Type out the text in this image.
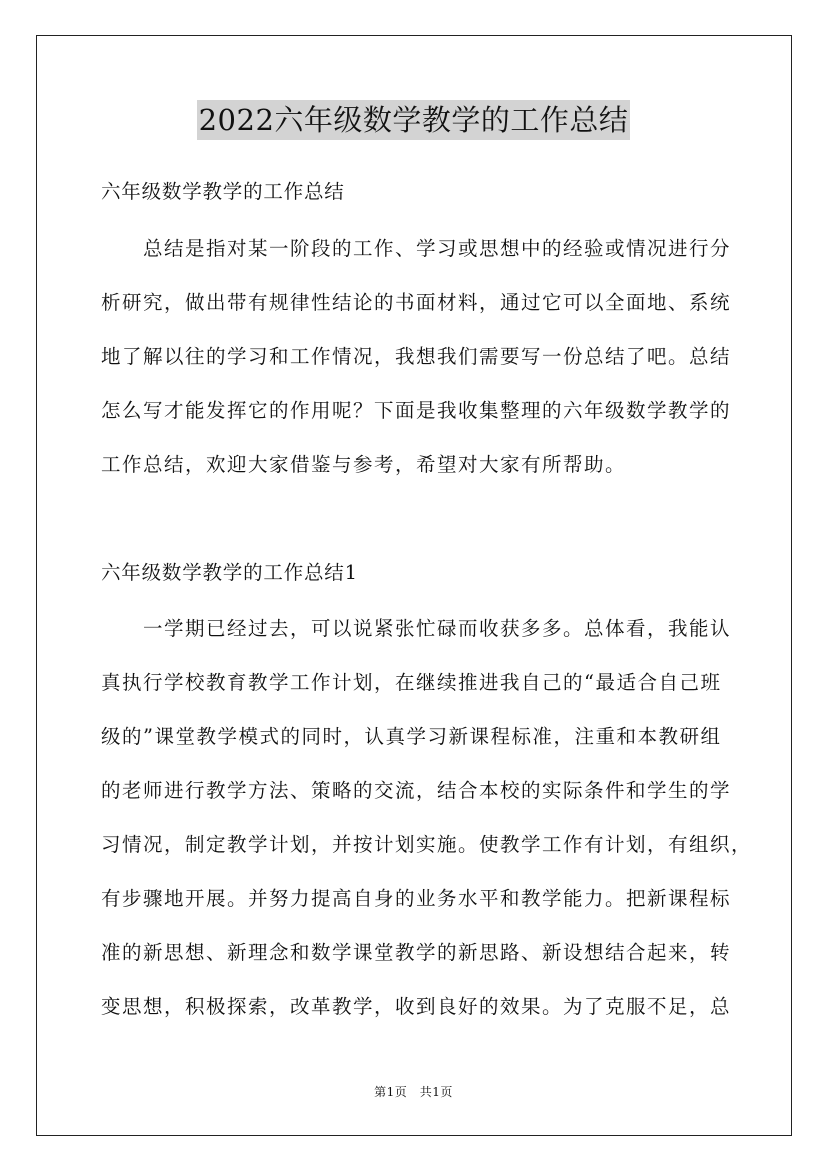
2022六年级数学教学的工作总结
六年级数学教学的工作总结

　　总结是指对某一阶段的工作、学习或思想中的经验或情况进行分
析研究，做出带有规律性结论的书面材料，通过它可以全面地、系统
地了解以往的学习和工作情况，我想我们需要写一份总结了吧。总结
怎么写才能发挥它的作用呢？下面是我收集整理的六年级数学教学的
工作总结，欢迎大家借鉴与参考，希望对大家有所帮助。

六年级数学教学的工作总结1

　　一学期已经过去，可以说紧张忙碌而收获多多。总体看，我能认
真执行学校教育教学工作计划，在继续推进我自己的“最适合自己班
级的”课堂教学模式的同时，认真学习新课程标准，注重和本教研组
的老师进行教学方法、策略的交流，结合本校的实际条件和学生的学
习情况，制定教学计划，并按计划实施。使教学工作有计划，有组织，
有步骤地开展。并努力提高自身的业务水平和教学能力。把新课程标
准的新思想、新理念和数学课堂教学的新思路、新设想结合起来，转
变思想，积极探索，改革教学，收到良好的效果。为了克服不足，总

第1页　共1页
